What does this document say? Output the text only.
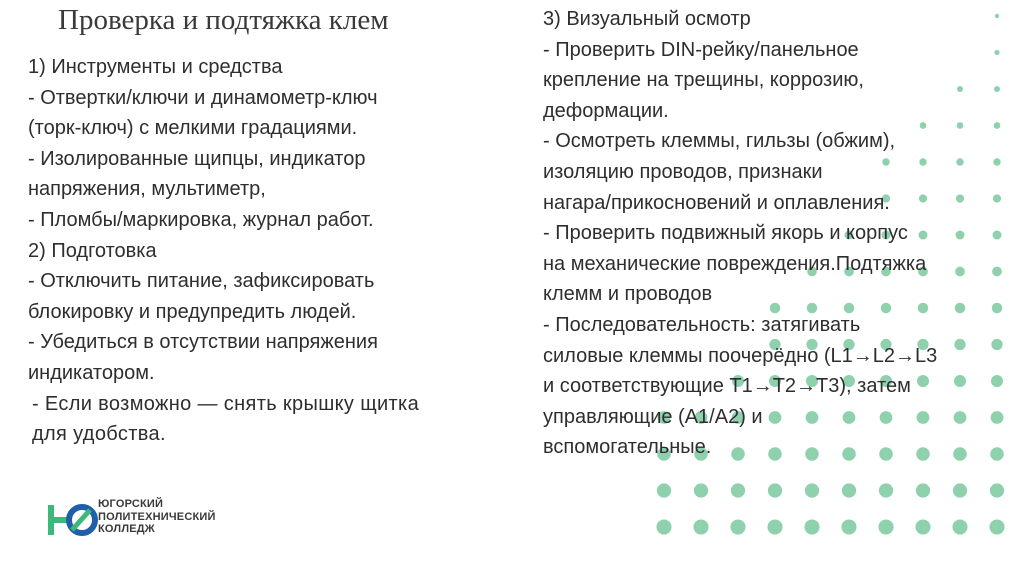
Проверка и подтяжка клем
1) Инструменты и средства
- Отвертки/ключи и динамометр-ключ
(торк-ключ) с мелкими градациями.
- Изолированные щипцы, индикатор
напряжения, мультиметр,
- Пломбы/маркировка, журнал работ.
2) Подготовка
- Отключить питание, зафиксировать
блокировку и предупредить людей.
- Убедиться в отсутствии напряжения
индикатором.
- Если возможно — снять крышку щитка
для удобства.
3) Визуальный осмотр
- Проверить DIN-рейку/панельное
крепление на трещины, коррозию,
деформации.
- Осмотреть клеммы, гильзы (обжим),
изоляцию проводов, признаки
нагара/прикосновений и оплавления.
- Проверить подвижный якорь и корпус
на механические повреждения.Подтяжка
клемм и проводов
- Последовательность: затягивать
силовые клеммы поочерёдно (L1→L2→L3
и соответствующие T1→T2→T3), затем
управляющие (A1/A2) и
вспомогательные.
ЮГОРСКИЙ
ПОЛИТЕХНИЧЕСКИЙ
КОЛЛЕДЖ
